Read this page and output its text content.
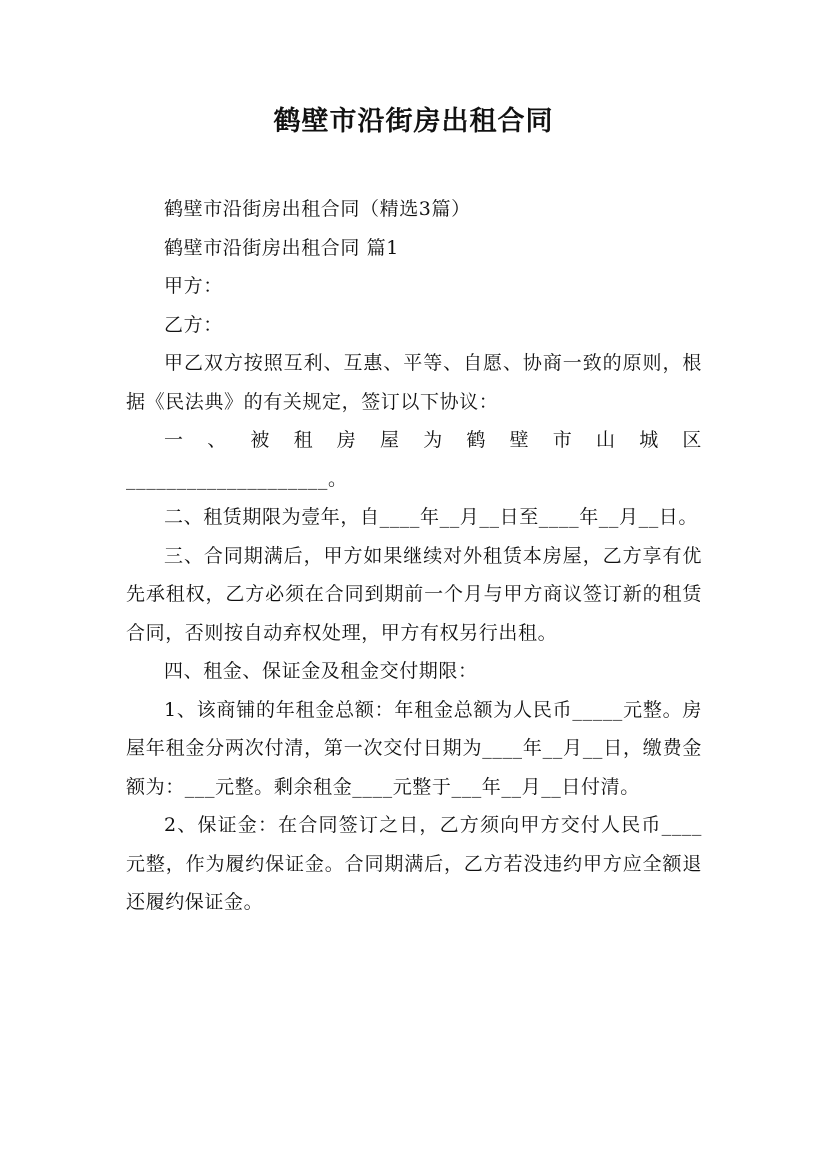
鹤壁市沿街房出租合同

鹤壁市沿街房出租合同（精选3篇）

鹤壁市沿街房出租合同 篇1

甲方：

乙方：

甲乙双方按照互利、互惠、平等、自愿、协商一致的原则，根据《民法典》的有关规定，签订以下协议：

一、被租房屋为鹤壁市山城区

____________________。

二、租赁期限为壹年，自____年__月__日至____年__月__日。

三、合同期满后，甲方如果继续对外租赁本房屋，乙方享有优先承租权，乙方必须在合同到期前一个月与甲方商议签订新的租赁合同，否则按自动弃权处理，甲方有权另行出租。

四、租金、保证金及租金交付期限：

1、该商铺的年租金总额：年租金总额为人民币_____元整。房屋年租金分两次付清，第一次交付日期为____年__月__日，缴费金额为：___元整。剩余租金____元整于___年__月__日付清。

2、保证金：在合同签订之日，乙方须向甲方交付人民币____元整，作为履约保证金。合同期满后，乙方若没违约甲方应全额退还履约保证金。
